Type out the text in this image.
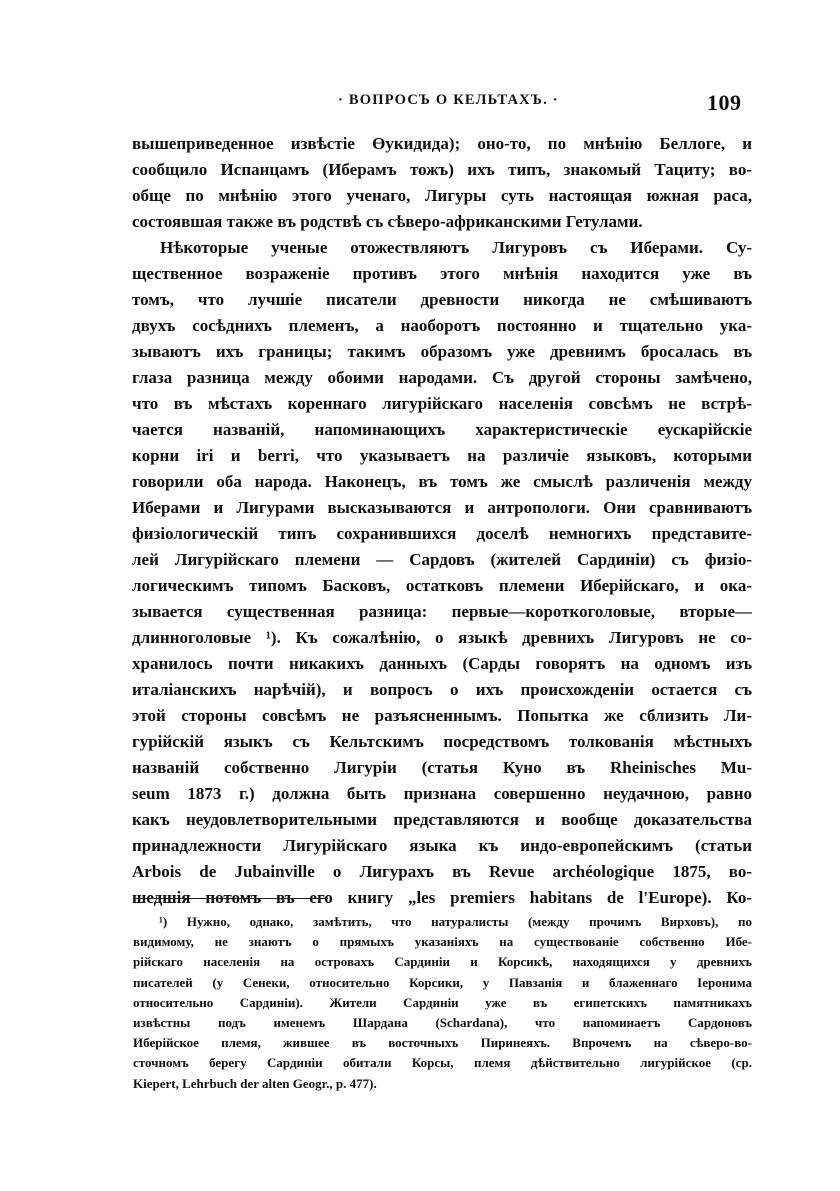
· ВОПРОСЪ О КЕЛЬТАХЪ. ·	109
вышеприведенное извѣстіе Өукидида); оно-то, по мнѣнію Беллоге, и
сообщило Испанцамъ (Иберамъ тожъ) ихъ типъ, знакомый Тациту; во-
обще по мнѣнію этого ученаго, Лигуры суть настоящая южная раса,
состоявшая также въ родствѣ съ сѣверо-африканскими Гетулами.
Нѣкоторые ученые отожествляютъ Лигуровъ съ Иберами. Су-
щественное возраженіе противъ этого мнѣнія находится уже въ
томъ, что лучшіе писатели древности никогда не смѣшиваютъ
двухъ сосѣднихъ племенъ, а наоборотъ постоянно и тщательно ука-
зываютъ ихъ границы; такимъ образомъ уже древнимъ бросалась въ
глаза разница между обоими народами. Съ другой стороны замѣчено,
что въ мѣстахъ кореннаго лигурійскаго населенія совсѣмъ не встрѣ-
чается названій, напоминающихъ характеристическіе еускарійскіе
корни iri и berri, что указываетъ на различіе языковъ, которыми
говорили оба народа. Наконецъ, въ томъ же смыслѣ различенія между
Иберами и Лигурами высказываются и антропологи. Они сравниваютъ
физіологическій типъ сохранившихся доселѣ немногихъ представите-
лей Лигурійскаго племени — Сардовъ (жителей Сардиніи) съ физіо-
логическимъ типомъ Басковъ, остатковъ племени Иберійскаго, и ока-
зывается существенная разница: первые—короткоголовые, вторые—
длинноголовые ¹). Къ сожалѣнію, о языкѣ древнихъ Лигуровъ не со-
хранилось почти никакихъ данныхъ (Сарды говорятъ на одномъ изъ
италіанскихъ нарѣчій), и вопросъ о ихъ происхожденіи остается съ
этой стороны совсѣмъ не разъясненнымъ. Попытка же сблизить Ли-
гурійскій языкъ съ Кельтскимъ посредствомъ толкованія мѣстныхъ
названій собственно Лигуріи (статья Куно въ Rheinisches Mu-
seum 1873 г.) должна быть признана совершенно неудачною, равно
какъ неудовлетворительными представляются и вообще доказательства
принадлежности Лигурійскаго языка къ индо-европейскимъ (статьи
Arbois de Jubainville о Лигурахъ въ Revue archéologique 1875, во-
шедшія потомъ въ его книгу „les premiers habitans de l'Europe). Ко-
¹) Нужно, однако, замѣтить, что натуралисты (между прочимъ Вирховъ), по
видимому, не знаютъ о прямыхъ указаніяхъ на существованіе собственно Ибе-
рійскаго населенія на островахъ Сардиніи и Корсикѣ, находящихся у древнихъ
писателей (у Сенеки, относительно Корсики, у Павзанія и блаженнаго Іеронима
относительно Сардиніи). Жители Сардиніи уже въ египетскихъ памятникахъ
извѣстны подъ именемъ Шардана (Schardana), что напоминаетъ Сардоновъ
Иберійское племя, жившее въ восточныхъ Пиринеяхъ. Впрочемъ на сѣверо-во-
сточномъ берегу Сардиніи обитали Корсы, племя дѣйствительно лигурійское (ср.
Kiepert, Lehrbuch der alten Geogr., p. 477).
